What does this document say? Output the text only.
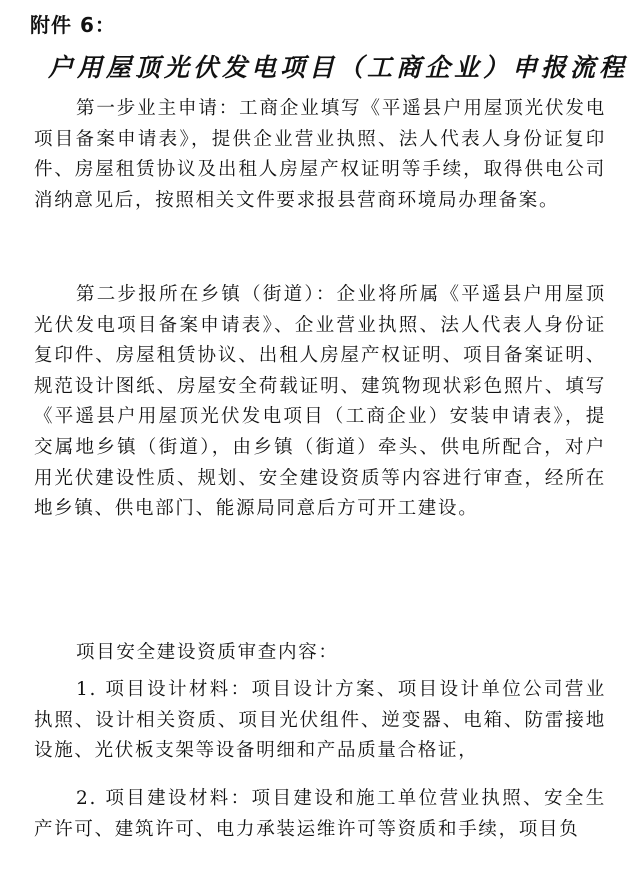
附件 6：
户用屋顶光伏发电项目（工商企业）申报流程

第一步业主申请：工商企业填写《平遥县户用屋顶光伏发电项目备案申请表》，提供企业营业执照、法人代表人身份证复印件、房屋租赁协议及出租人房屋产权证明等手续，取得供电公司消纳意见后，按照相关文件要求报县营商环境局办理备案。

第二步报所在乡镇（街道）：企业将所属《平遥县户用屋顶光伏发电项目备案申请表》、企业营业执照、法人代表人身份证复印件、房屋租赁协议、出租人房屋产权证明、项目备案证明、规范设计图纸、房屋安全荷载证明、建筑物现状彩色照片、填写《平遥县户用屋顶光伏发电项目（工商企业）安装申请表》，提交属地乡镇（街道），由乡镇（街道）牵头、供电所配合，对户用光伏建设性质、规划、安全建设资质等内容进行审查，经所在地乡镇、供电部门、能源局同意后方可开工建设。

项目安全建设资质审查内容：

1. 项目设计材料：项目设计方案、项目设计单位公司营业执照、设计相关资质、项目光伏组件、逆变器、电箱、防雷接地设施、光伏板支架等设备明细和产品质量合格证，

2. 项目建设材料：项目建设和施工单位营业执照、安全生产许可、建筑许可、电力承装运维许可等资质和手续，项目负
